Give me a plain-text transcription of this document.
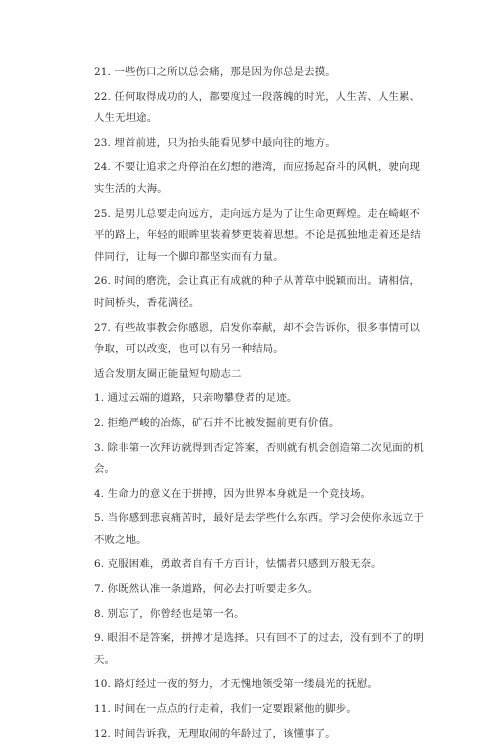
21. 一些伤口之所以总会痛，那是因为你总是去摸。

22. 任何取得成功的人，都要度过一段落魄的时光，人生苦、人生累、人生无坦途。

23. 埋首前进，只为抬头能看见梦中最向往的地方。

24. 不要让追求之舟停泊在幻想的港湾，而应扬起奋斗的风帆，驶向现实生活的大海。

25. 是男儿总要走向远方，走向远方是为了让生命更辉煌。走在崎岖不平的路上，年轻的眼眸里装着梦更装着思想。不论是孤独地走着还是结伴同行，让每一个脚印都坚实而有力量。

26. 时间的磨洗，会让真正有成就的种子从菁草中脱颖而出。请相信，时间桥头，香花满径。

27. 有些故事教会你感恩，启发你奉献，却不会告诉你，很多事情可以争取，可以改变，也可以有另一种结局。

适合发朋友圈正能量短句励志二

1. 通过云端的道路，只亲吻攀登者的足迹。

2. 拒绝严峻的冶炼，矿石并不比被发掘前更有价值。

3. 除非第一次拜访就得到否定答案，否则就有机会创造第二次见面的机会。

4. 生命力的意义在于拼搏，因为世界本身就是一个竞技场。

5. 当你感到悲哀痛苦时，最好是去学些什么东西。学习会使你永远立于不败之地。

6. 克服困难，勇敢者自有千方百计，怯懦者只感到万般无奈。

7. 你既然认准一条道路，何必去打听要走多久。

8. 别忘了，你曾经也是第一名。

9. 眼泪不是答案，拼搏才是选择。只有回不了的过去，没有到不了的明天。

10. 路灯经过一夜的努力，才无愧地领受第一缕晨光的抚慰。

11. 时间在一点点的行走着，我们一定要跟紧他的脚步。

12. 时间告诉我，无理取闹的年龄过了，该懂事了。
